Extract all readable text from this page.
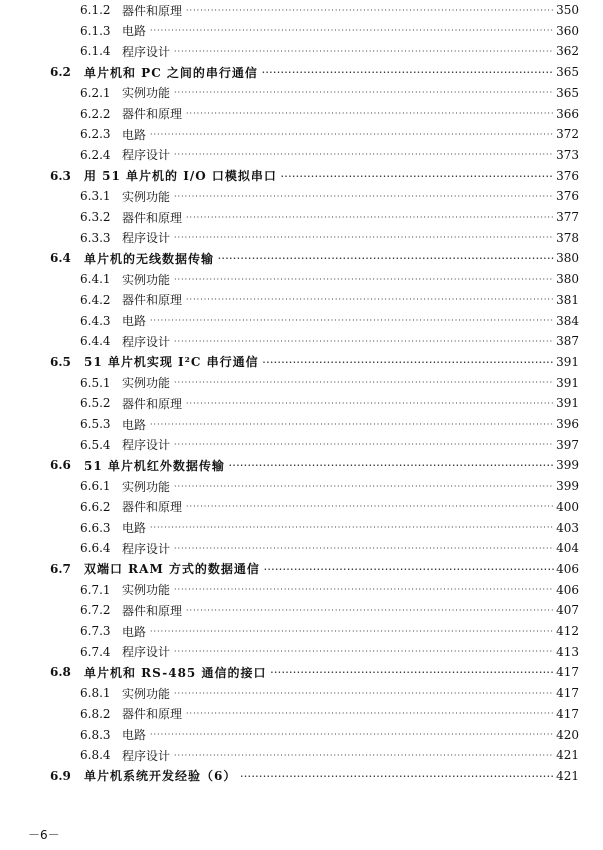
6.1.2 器件和原理 ·····	350
6.1.3 电路 ·····	360
6.1.4 程序设计 ·····	362
6.2	单片机和 PC 之间的串行通信 ·····	365
6.2.1 实例功能 ·····	365
6.2.2 器件和原理 ·····	366
6.2.3 电路 ·····	372
6.2.4 程序设计 ·····	373
6.3	用 51 单片机的 I/O 口模拟串口 ·····	376
6.3.1 实例功能 ·····	376
6.3.2 器件和原理 ·····	377
6.3.3 程序设计 ·····	378
6.4	单片机的无线数据传输 ·····	380
6.4.1 实例功能 ·····	380
6.4.2 器件和原理 ·····	381
6.4.3 电路 ·····	384
6.4.4 程序设计 ·····	387
6.5	51 单片机实现 I²C 串行通信 ·····	391
6.5.1 实例功能 ·····	391
6.5.2 器件和原理 ·····	391
6.5.3 电路 ·····	396
6.5.4 程序设计 ·····	397
6.6	51 单片机红外数据传输 ·····	399
6.6.1 实例功能 ·····	399
6.6.2 器件和原理 ·····	400
6.6.3 电路 ·····	403
6.6.4 程序设计 ·····	404
6.7	双端口 RAM 方式的数据通信 ·····	406
6.7.1 实例功能 ·····	406
6.7.2 器件和原理 ·····	407
6.7.3 电路 ·····	412
6.7.4 程序设计 ·····	413
6.8	单片机和 RS-485 通信的接口 ·····	417
6.8.1 实例功能 ·····	417
6.8.2 器件和原理 ·····	417
6.8.3 电路 ·····	420
6.8.4 程序设计 ·····	421
6.9	单片机系统开发经验（6） ·····	421
－6－
